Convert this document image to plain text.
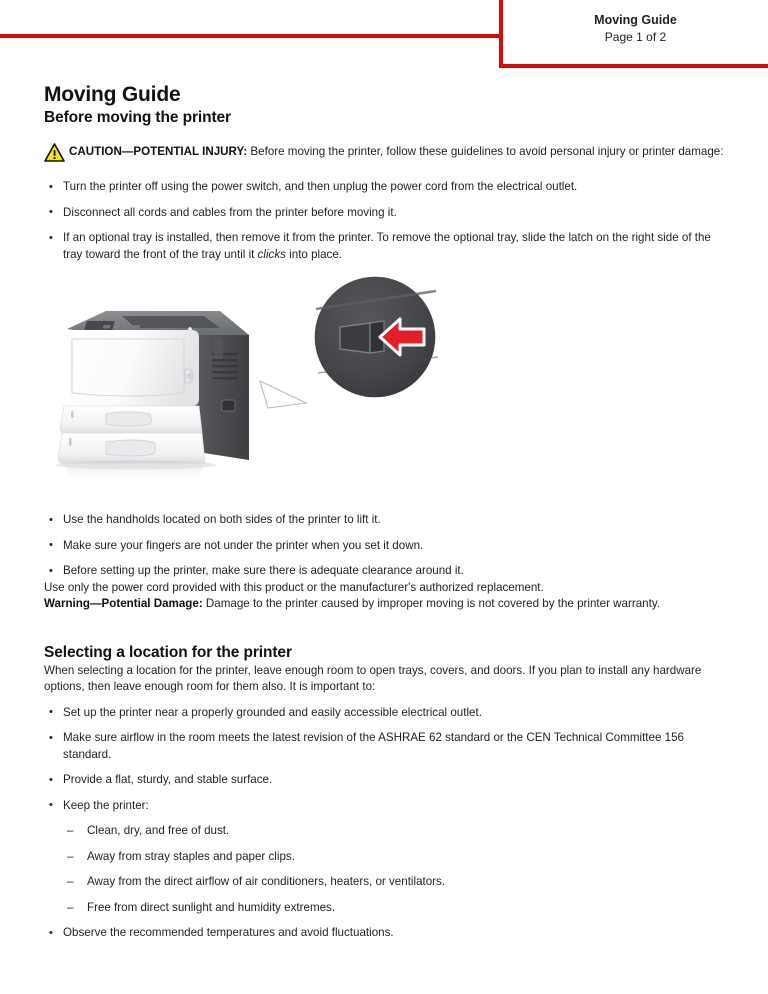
Moving Guide
Page 1 of 2
Moving Guide
Before moving the printer
CAUTION—POTENTIAL INJURY: Before moving the printer, follow these guidelines to avoid personal injury or printer damage:
• Turn the printer off using the power switch, and then unplug the power cord from the electrical outlet.
• Disconnect all cords and cables from the printer before moving it.
• If an optional tray is installed, then remove it from the printer. To remove the optional tray, slide the latch on the right side of the tray toward the front of the tray until it clicks into place.
• Use the handholds located on both sides of the printer to lift it.
• Make sure your fingers are not under the printer when you set it down.
• Before setting up the printer, make sure there is adequate clearance around it.

Use only the power cord provided with this product or the manufacturer's authorized replacement.

Warning—Potential Damage: Damage to the printer caused by improper moving is not covered by the printer warranty.

Selecting a location for the printer

When selecting a location for the printer, leave enough room to open trays, covers, and doors. If you plan to install any hardware options, then leave enough room for them also. It is important to:

• Set up the printer near a properly grounded and easily accessible electrical outlet.
• Make sure airflow in the room meets the latest revision of the ASHRAE 62 standard or the CEN Technical Committee 156 standard.
• Provide a flat, sturdy, and stable surface.
• Keep the printer:
– Clean, dry, and free of dust.
– Away from stray staples and paper clips.
– Away from the direct airflow of air conditioners, heaters, or ventilators.
– Free from direct sunlight and humidity extremes.
• Observe the recommended temperatures and avoid fluctuations.
